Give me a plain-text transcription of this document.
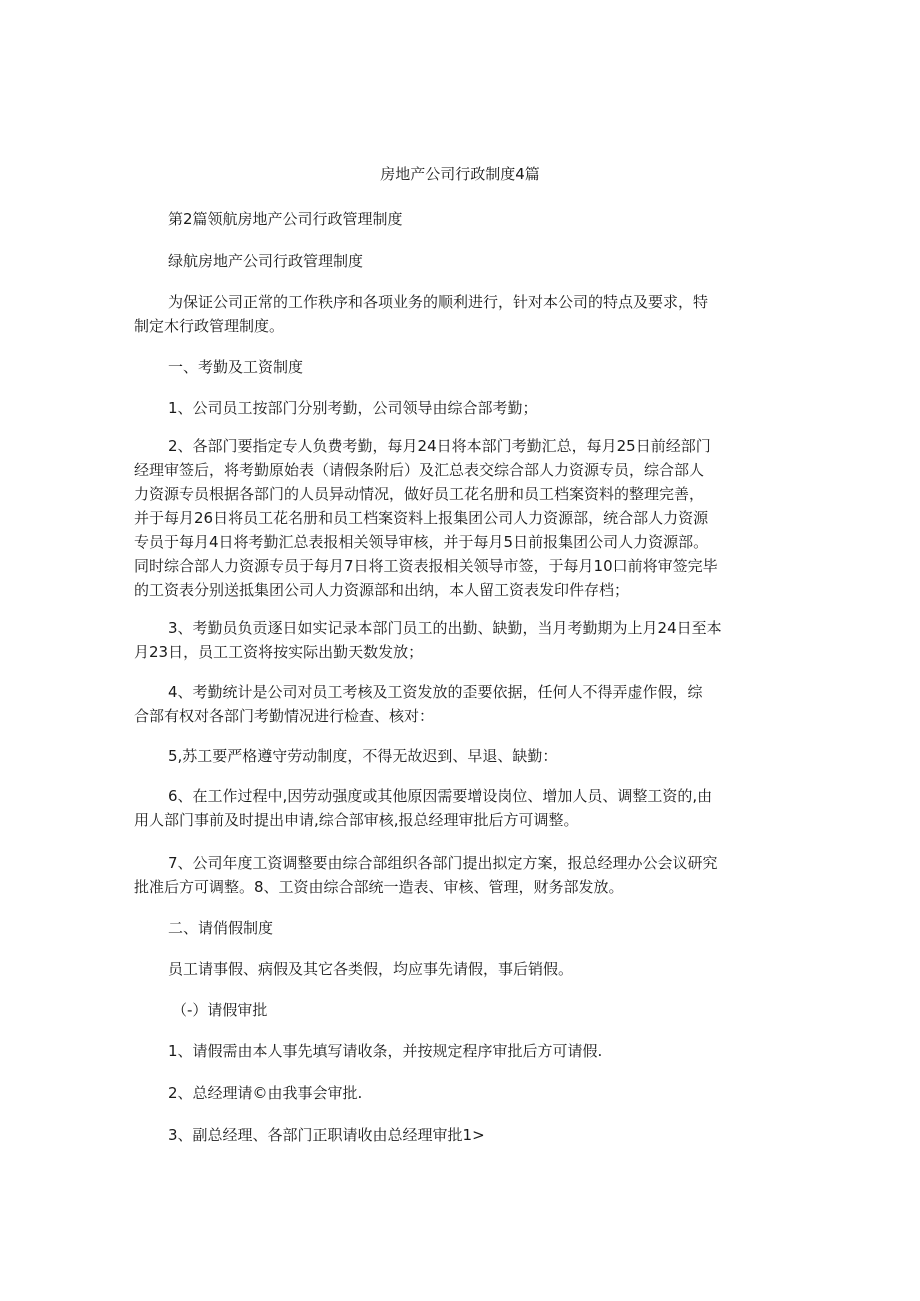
房地产公司行政制度4篇
第2篇领航房地产公司行政管理制度
绿航房地产公司行政管理制度
为保证公司正常的工作秩序和各项业务的顺利进行，针对本公司的特点及要求，特
制定木行政管理制度。
一、考勤及工资制度
1、公司员工按部门分别考勤，公司领导由综合部考勤；
2、各部门要指定专人负费考勤，每月24日将本部门考勤汇总，每月25日前经部门
经理审签后，将考勤原始表（请假条附后）及汇总表交综合部人力资源专员，综合部人
力资源专员根据各部门的人员异动情况，做好员工花名册和员工档案资料的整理完善，
并于每月26日将员工花名册和员工档案资料上报集团公司人力资源部，统合部人力资源
专员于每月4日将考勤汇总表报相关领导审核，并于每月5日前报集团公司人力资源部。
同时综合部人力资源专员于每月7日将工资表报相关领导市签，于每月10口前将审签完毕
的工资表分别送抵集团公司人力资源部和出纳，本人留工资表发印件存档；
3、考勤员负贡逐日如实记录本部门员工的出勤、缺勤，当月考勤期为上月24日至本
月23日，员工工资将按实际出勤天数发放；
4、考勤统计是公司对员工考核及工资发放的歪要依据，任何人不得弄虚作假，综
合部有权对各部门考勤情况进行检查、核对：
5,苏工要严格遵守劳动制度，不得无故迟到、早退、缺勤：
6、在工作过程中,因劳动强度或其他原因需要增设岗位、增加人员、调整工资的,由
用人部门事前及时提出申请,综合部审核,报总经理审批后方可调整。
7、公司年度工资调整要由综合部组织各部门提出拟定方案，报总经理办公会议研究
批准后方可调整。8、工资由综合部统一造表、审核、管理，财务部发放。
二、请俏假制度
员工请事假、病假及其它各类假，均应事先请假，事后销假。
（-）请假审批
1、请假需由本人事先填写请收条，并按规定程序审批后方可请假.
2、总经理请©由我事会审批.
3、副总经理、各部门正职请收由总经理审批1>
